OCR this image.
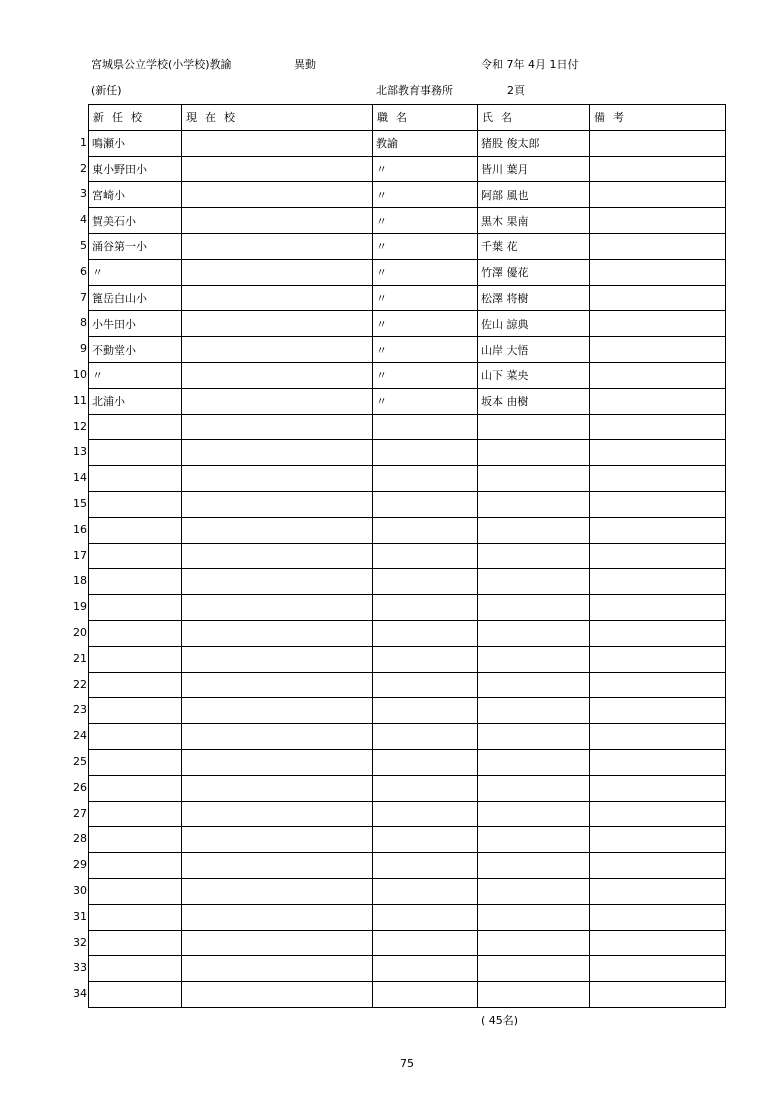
宮城県公立学校(小学校)教諭	異動	令和 7年 4月 1日付
(新任)	北部教育事務所	2頁
新任校	現在校	職名	氏名	備考

1 鳴瀬小		教諭	猪股 俊太郎	

2 東小野田小		〃	皆川 葉月	

3 宮崎小		〃	阿部 風也	

4 賀美石小		〃	黒木 果南	

5 涌谷第一小		〃	千葉 花	

6 〃		〃	竹澤 優花	

7 篦岳白山小		〃	松澤 将樹	

8 小牛田小		〃	佐山 諒典	

9 不動堂小		〃	山岸 大悟	

10 〃		〃	山下 菜央	

11 北浦小		〃	坂本 由樹	

12				

13				

14				

15				

16				

17				

18				

19				

20				

21				

22				

23				

24				

25				

26				

27				

28				

29				

30				

31				

32				

33				

34				

( 45名)
75
